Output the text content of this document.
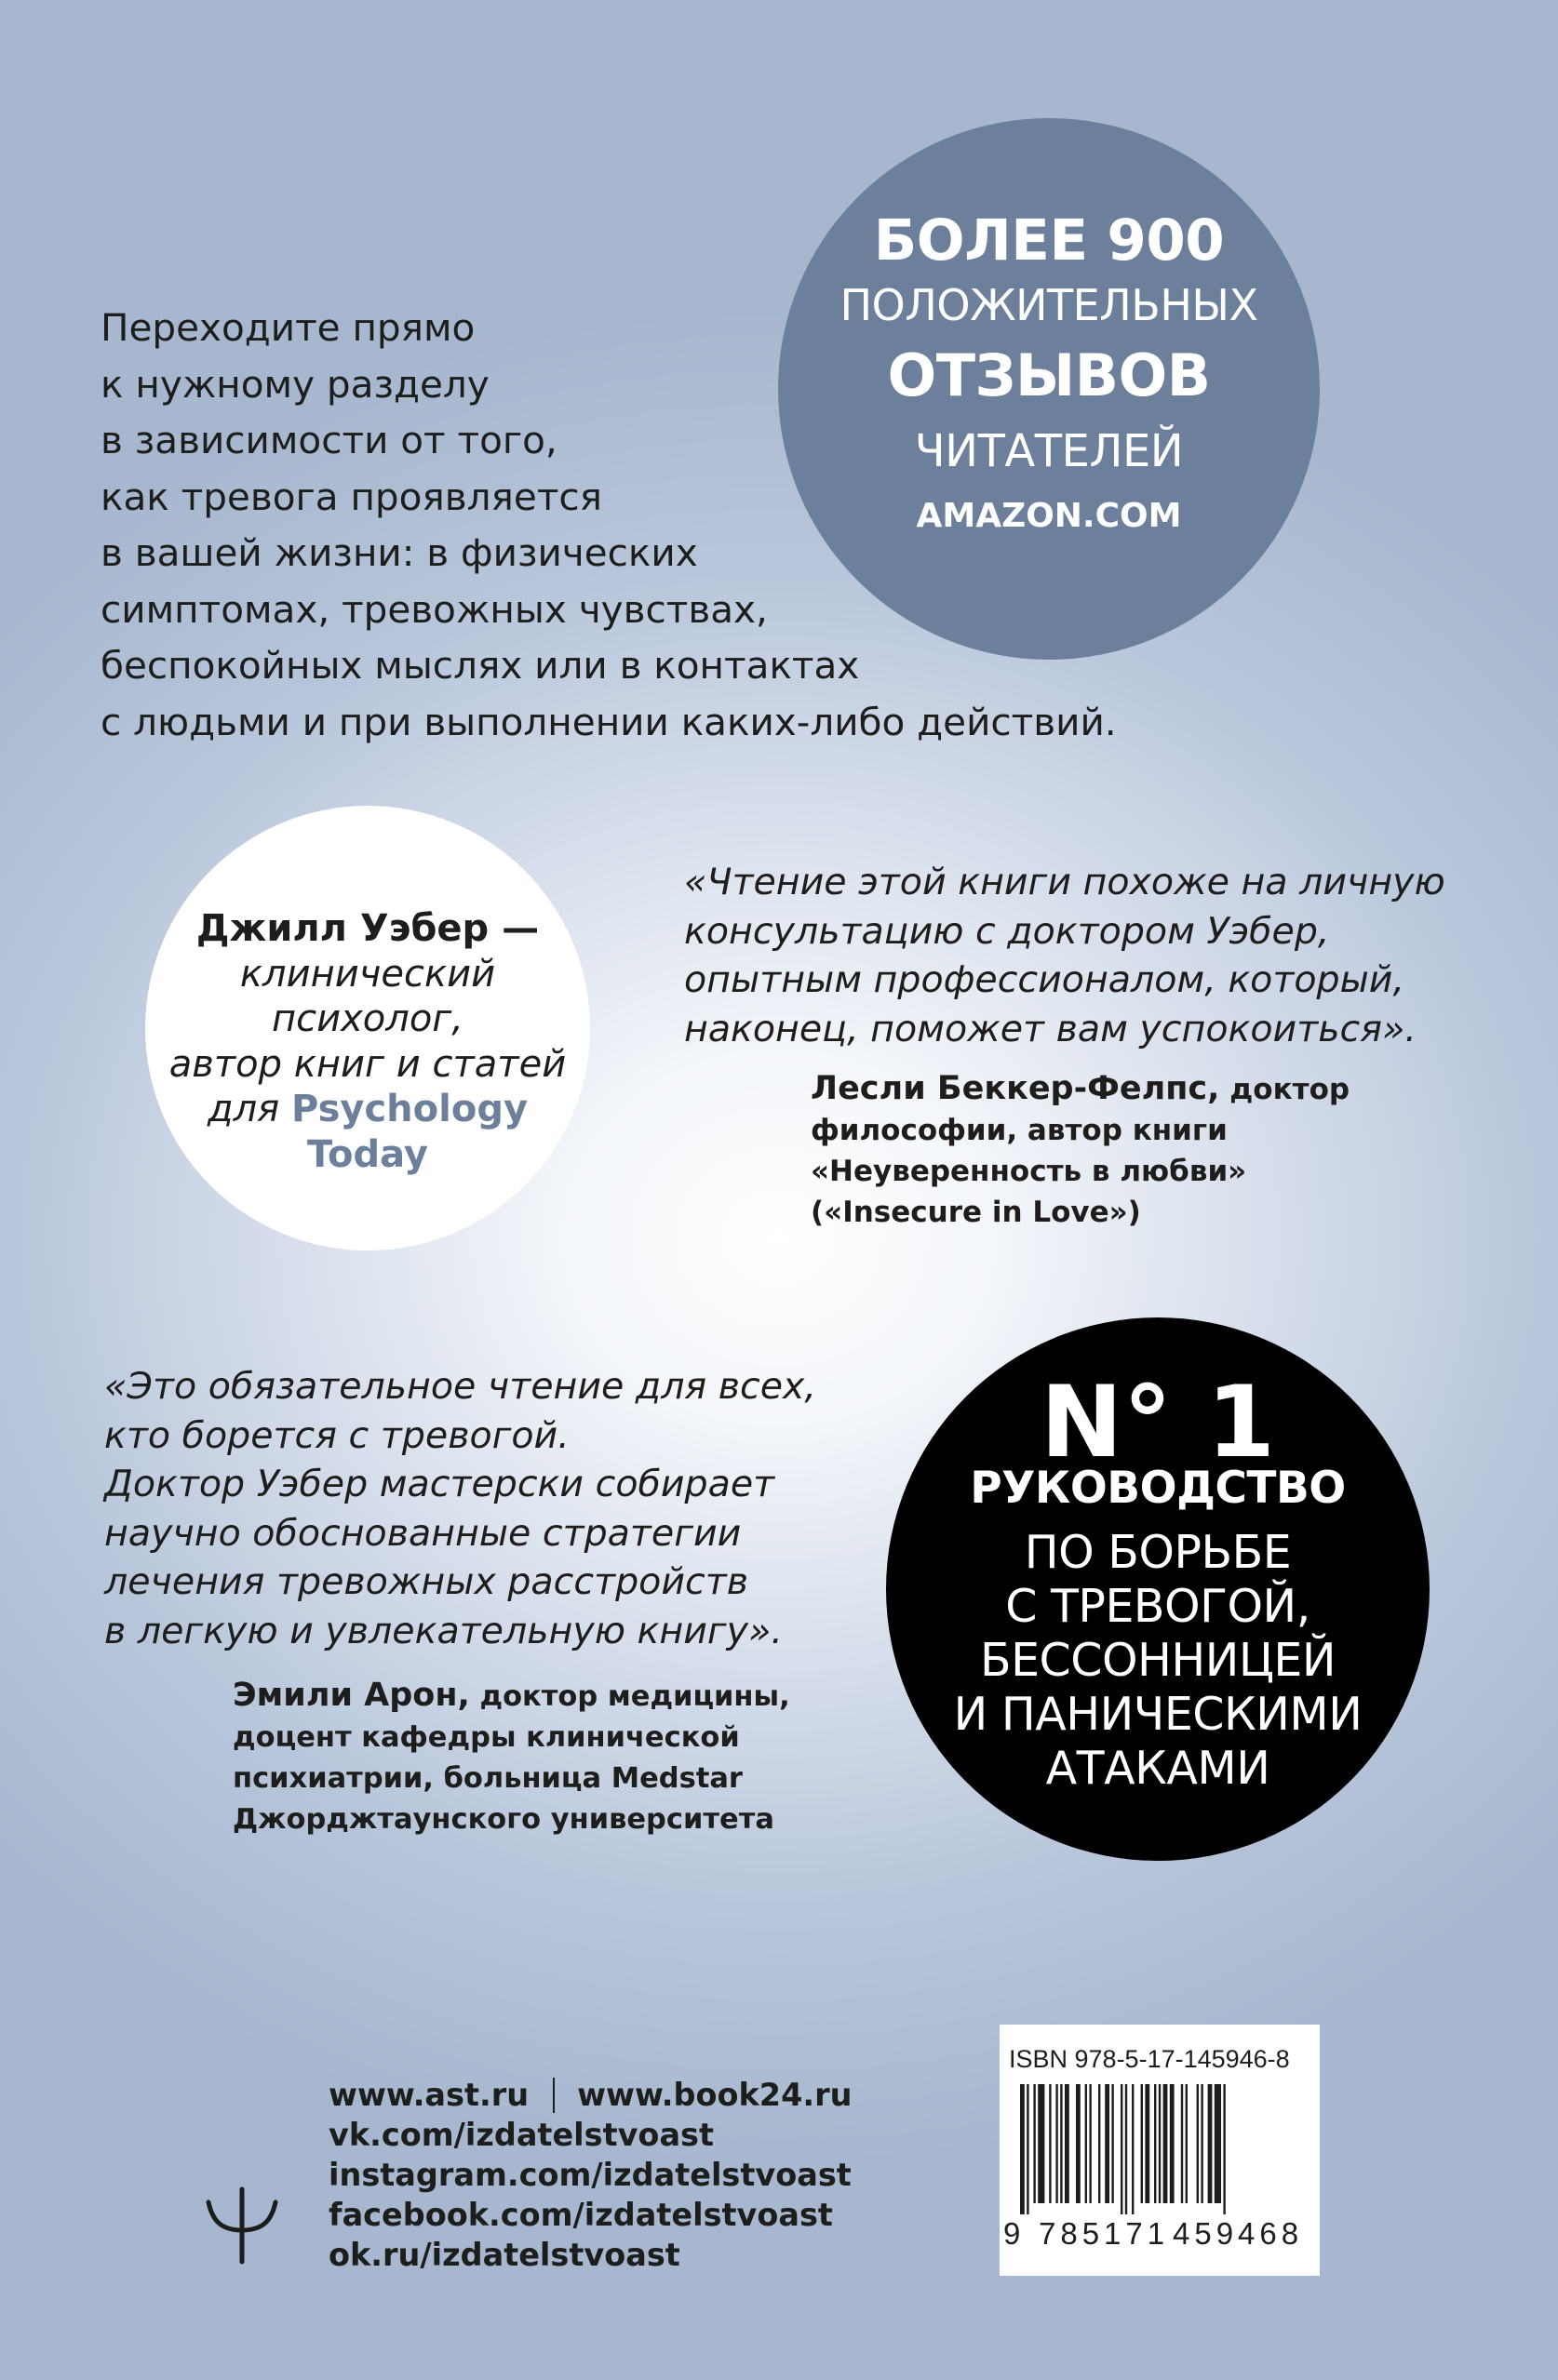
Переходите прямо
к нужному разделу
в зависимости от того,
как тревога проявляется
в вашей жизни: в физических
симптомах, тревожных чувствах,
беспокойных мыслях или в контактах
с людьми и при выполнении каких-либо действий.
БОЛЕЕ 900
ПОЛОЖИТЕЛЬНЫХ
ОТЗЫВОВ
ЧИТАТЕЛЕЙ
AMAZON.COM
Джилл Уэбер —
клинический
психолог,
автор книг и статей
для Psychology
Today
«Чтение этой книги похоже на личную
консультацию с доктором Уэбер,
опытным профессионалом, который,
наконец, поможет вам успокоиться».
Лесли Беккер-Фелпс, доктор
философии, автор книги
«Неуверенность в любви»
(«Insecure in Love»)
«Это обязательное чтение для всех,
кто борется с тревогой.
Доктор Уэбер мастерски собирает
научно обоснованные стратегии
лечения тревожных расстройств
в легкую и увлекательную книгу».
Эмили Арон, доктор медицины,
доцент кафедры клинической
психиатрии, больница Medstar
Джорджтаунского университета
N° 1
РУКОВОДСТВО
ПО БОРЬБЕ
С ТРЕВОГОЙ,
БЕССОННИЦЕЙ
И ПАНИЧЕСКИМИ
АТАКАМИ
ISBN 978-5-17-145946-8
9 785171 459468
www.ast.ru www.book24.ru
vk.com/izdatelstvoast
instagram.com/izdatelstvoast
facebook.com/izdatelstvoast
ok.ru/izdatelstvoast
